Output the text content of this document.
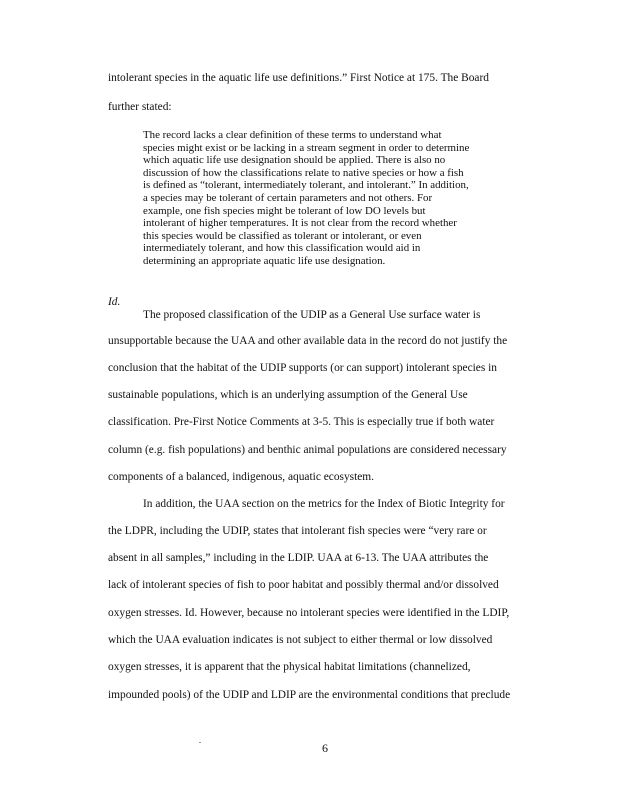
intolerant species in the aquatic life use definitions.” First Notice at 175. The Board
further stated:

The record lacks a clear definition of these terms to understand what

species might exist or be lacking in a stream segment in order to determine

which aquatic life use designation should be applied. There is also no

discussion of how the classifications relate to native species or how a fish

is defined as “tolerant, intermediately tolerant, and intolerant.” In addition,

a species may be tolerant of certain parameters and not others. For

example, one fish species might be tolerant of low DO levels but

intolerant of higher temperatures. It is not clear from the record whether

this species would be classified as tolerant or intolerant, or even

intermediately tolerant, and how this classification would aid in

determining an appropriate aquatic life use designation.

Id.
The proposed classification of the UDIP as a General Use surface water is
unsupportable because the UAA and other available data in the record do not justify the
conclusion that the habitat of the UDIP supports (or can support) intolerant species in
sustainable populations, which is an underlying assumption of the General Use
classification. Pre-First Notice Comments at 3-5. This is especially true if both water
column (e.g. fish populations) and benthic animal populations are considered necessary
components of a balanced, indigenous, aquatic ecosystem.
In addition, the UAA section on the metrics for the Index of Biotic Integrity for
the LDPR, including the UDIP, states that intolerant fish species were “very rare or
absent in all samples,” including in the LDIP. UAA at 6-13. The UAA attributes the
lack of intolerant species of fish to poor habitat and possibly thermal and/or dissolved
oxygen stresses. Id. However, because no intolerant species were identified in the LDIP,
which the UAA evaluation indicates is not subject to either thermal or low dissolved
oxygen stresses, it is apparent that the physical habitat limitations (channelized,
impounded pools) of the UDIP and LDIP are the environmental conditions that preclude
6
